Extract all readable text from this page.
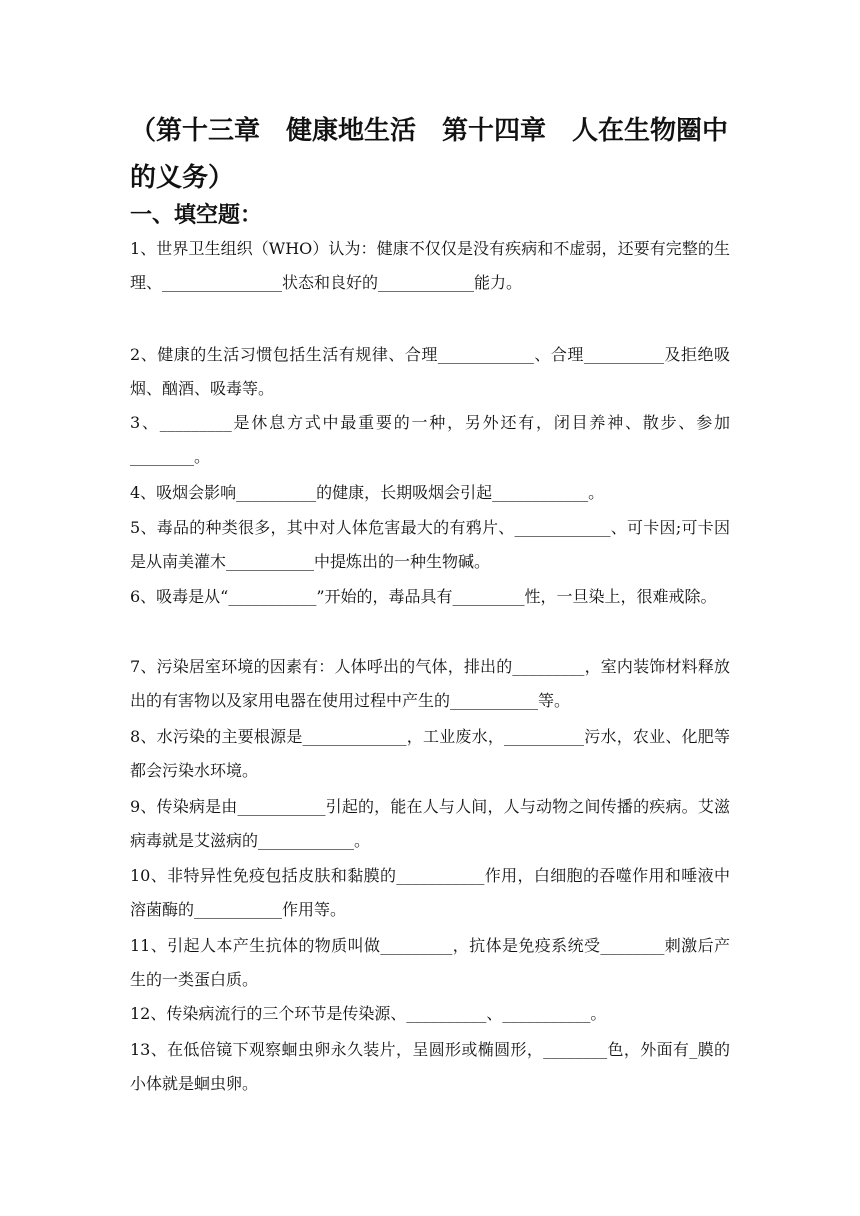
（第十三章　健康地生活　第十四章　人在生物圈中的义务）
一、填空题：

1、世界卫生组织（WHO）认为：健康不仅仅是没有疾病和不虚弱，还要有完整的生理、_______________状态和良好的____________能力。

2、健康的生活习惯包括生活有规律、合理____________、合理__________及拒绝吸烟、酗酒、吸毒等。

3、_________是休息方式中最重要的一种，另外还有，闭目养神、散步、参加________。

4、吸烟会影响__________的健康，长期吸烟会引起____________。

5、毒品的种类很多，其中对人体危害最大的有鸦片、____________、可卡因;可卡因是从南美灌木___________中提炼出的一种生物碱。

6、吸毒是从“___________”开始的，毒品具有_________性，一旦染上，很难戒除。

7、污染居室环境的因素有：人体呼出的气体，排出的_________，室内装饰材料释放出的有害物以及家用电器在使用过程中产生的___________等。

8、水污染的主要根源是_____________，工业废水，__________污水，农业、化肥等都会污染水环境。

9、传染病是由___________引起的，能在人与人间，人与动物之间传播的疾病。艾滋病毒就是艾滋病的____________。

10、非特异性免疫包括皮肤和黏膜的___________作用，白细胞的吞噬作用和唾液中溶菌酶的___________作用等。

11、引起人本产生抗体的物质叫做_________，抗体是免疫系统受________刺激后产生的一类蛋白质。

12、传染病流行的三个环节是传染源、__________、___________。

13、在低倍镜下观察蛔虫卵永久装片，呈圆形或椭圆形，________色，外面有_膜的小体就是蛔虫卵。
